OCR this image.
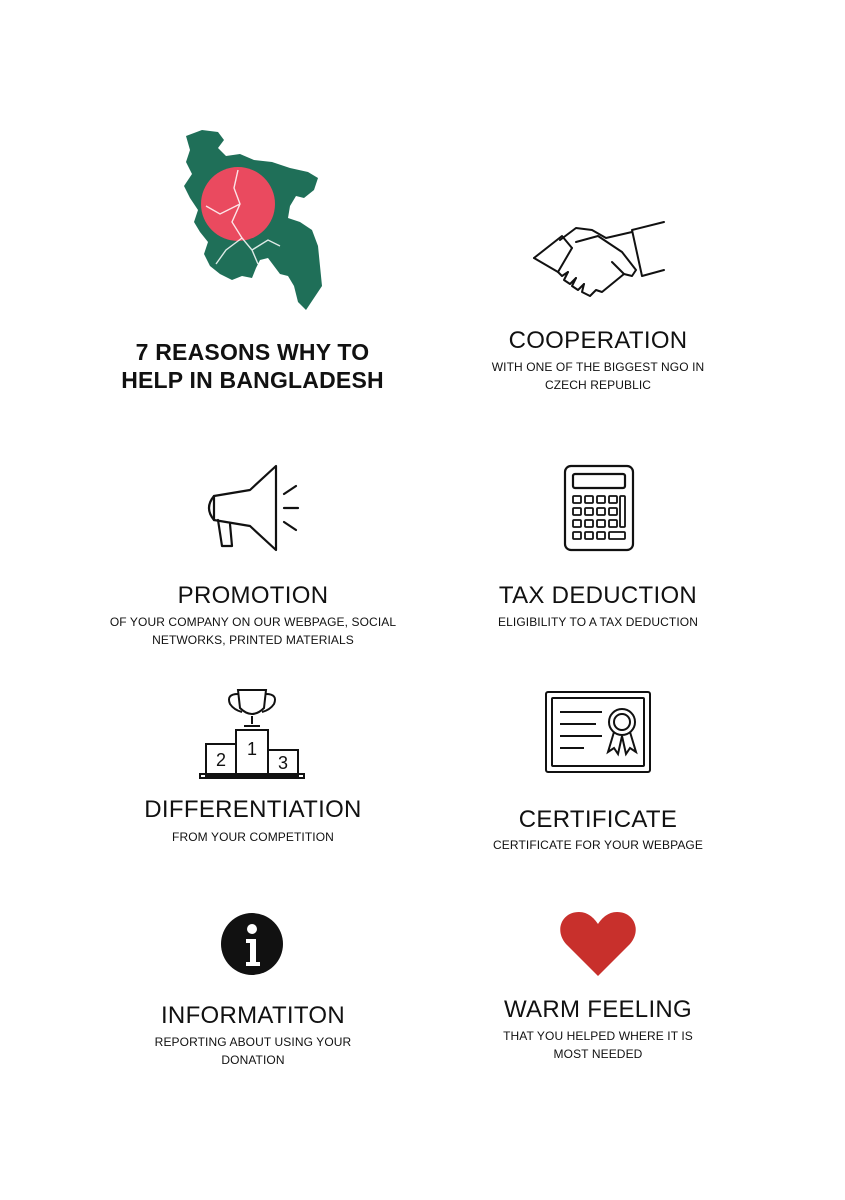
7 REASONS WHY TO
HELP IN BANGLADESH
COOPERATION
WITH ONE OF THE BIGGEST NGO IN
CZECH REPUBLIC
PROMOTION
OF YOUR COMPANY ON OUR WEBPAGE, SOCIAL
NETWORKS, PRINTED MATERIALS
TAX DEDUCTION
ELIGIBILITY TO A TAX DEDUCTION
1
2	3
DIFFERENTIATION
FROM YOUR COMPETITION
CERTIFICATE
CERTIFICATE FOR YOUR WEBPAGE
INFORMATITON
REPORTING ABOUT USING YOUR
DONATION
WARM FEELING
THAT YOU HELPED WHERE IT IS
MOST NEEDED
